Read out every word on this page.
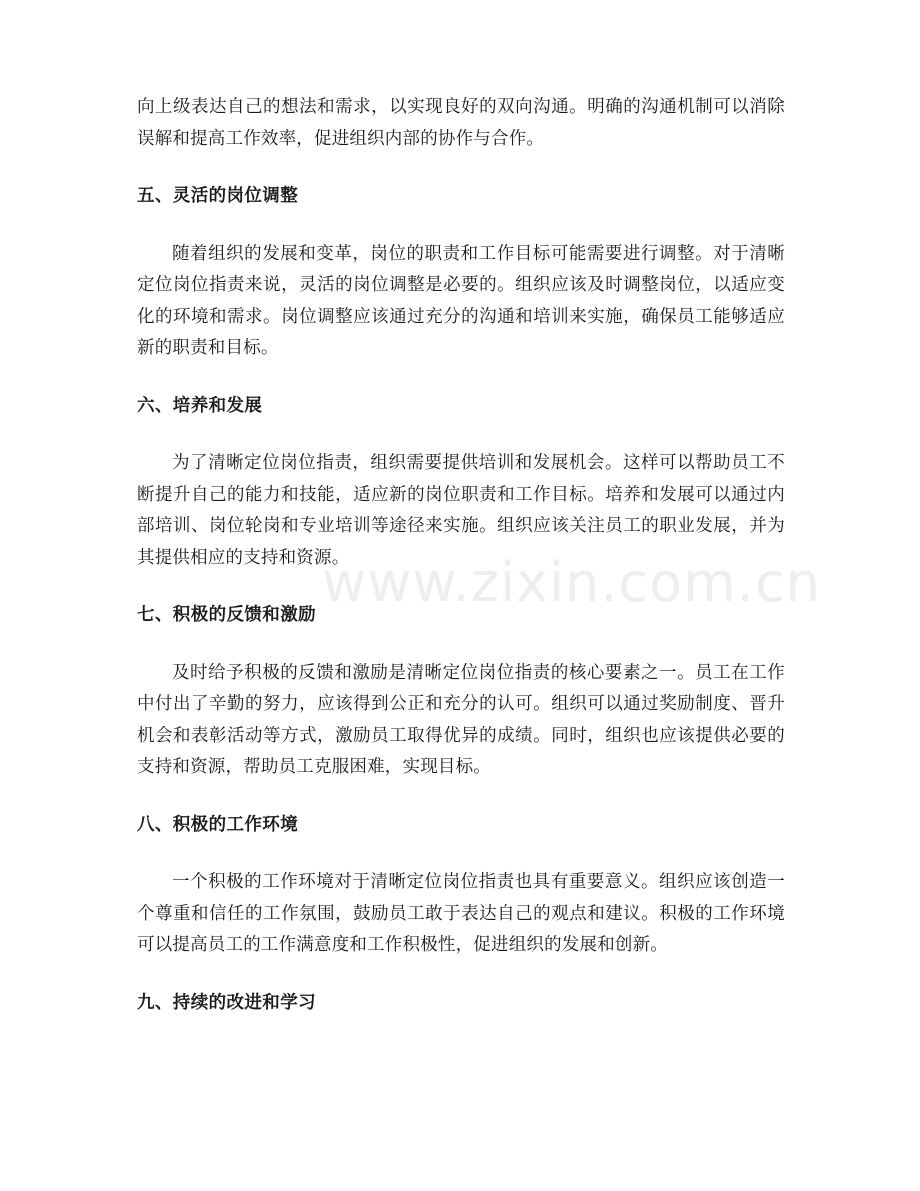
向上级表达自己的想法和需求，以实现良好的双向沟通。明确的沟通机制可以消除误解和提高工作效率，促进组织内部的协作与合作。

五、灵活的岗位调整

随着组织的发展和变革，岗位的职责和工作目标可能需要进行调整。对于清晰定位岗位指责来说，灵活的岗位调整是必要的。组织应该及时调整岗位，以适应变化的环境和需求。岗位调整应该通过充分的沟通和培训来实施，确保员工能够适应新的职责和目标。

六、培养和发展

为了清晰定位岗位指责，组织需要提供培训和发展机会。这样可以帮助员工不断提升自己的能力和技能，适应新的岗位职责和工作目标。培养和发展可以通过内部培训、岗位轮岗和专业培训等途径来实施。组织应该关注员工的职业发展，并为其提供相应的支持和资源。

七、积极的反馈和激励

及时给予积极的反馈和激励是清晰定位岗位指责的核心要素之一。员工在工作中付出了辛勤的努力，应该得到公正和充分的认可。组织可以通过奖励制度、晋升机会和表彰活动等方式，激励员工取得优异的成绩。同时，组织也应该提供必要的支持和资源，帮助员工克服困难，实现目标。

八、积极的工作环境

一个积极的工作环境对于清晰定位岗位指责也具有重要意义。组织应该创造一个尊重和信任的工作氛围，鼓励员工敢于表达自己的观点和建议。积极的工作环境可以提高员工的工作满意度和工作积极性，促进组织的发展和创新。

九、持续的改进和学习
www.zixin.com.cn
